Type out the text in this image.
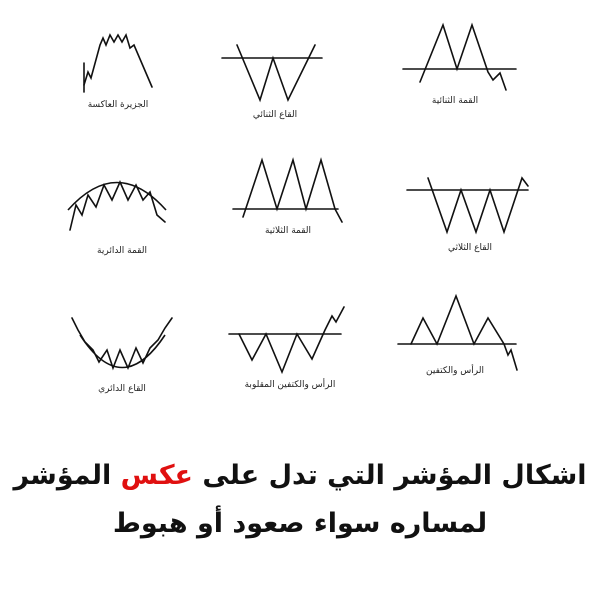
الجزيرة العاكسة
القاع الثنائي
القمة الثنائية
القمة الدائرية
القمة الثلاثية
القاع الثلاثي
القاع الدائري	الرأس والكتفين المقلوبة
الرأس والكتفين
اشكال المؤشر التي تدل على عكس المؤشر
لمساره سواء صعود أو هبوط
